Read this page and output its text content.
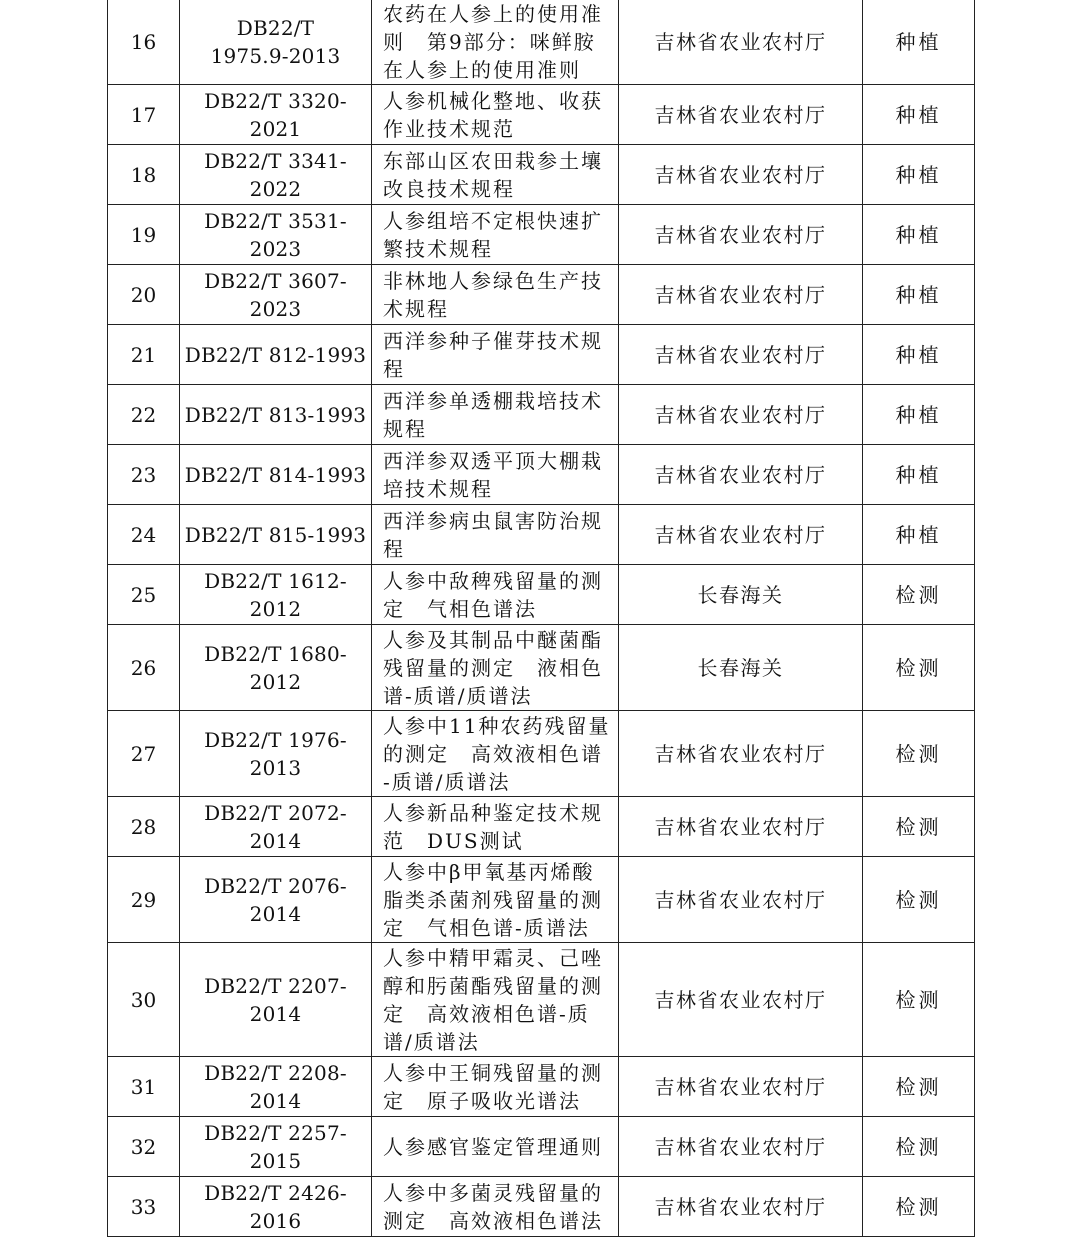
16	DB22/T
1975.9-2013	农药在人参上的使用准
则　第9部分：咪鲜胺
在人参上的使用准则	吉林省农业农村厅	种植
17	DB22/T 3320-2021	人参机械化整地、收获
作业技术规范	吉林省农业农村厅	种植
18	DB22/T 3341-2022	东部山区农田栽参土壤
改良技术规程	吉林省农业农村厅	种植
19	DB22/T 3531-2023	人参组培不定根快速扩
繁技术规程	吉林省农业农村厅	种植
20	DB22/T 3607-2023	非林地人参绿色生产技
术规程	吉林省农业农村厅	种植
21	DB22/T 812-1993	西洋参种子催芽技术规
程	吉林省农业农村厅	种植
22	DB22/T 813-1993	西洋参单透棚栽培技术
规程	吉林省农业农村厅	种植
23	DB22/T 814-1993	西洋参双透平顶大棚栽
培技术规程	吉林省农业农村厅	种植
24	DB22/T 815-1993	西洋参病虫鼠害防治规
程	吉林省农业农村厅	种植
25	DB22/T 1612-2012	人参中敌稗残留量的测
定　气相色谱法	长春海关	检测
26	DB22/T 1680-2012	人参及其制品中醚菌酯
残留量的测定　液相色
谱-质谱/质谱法	长春海关	检测
27	DB22/T 1976-2013	人参中11种农药残留量
的测定　高效液相色谱
-质谱/质谱法	吉林省农业农村厅	检测
28	DB22/T 2072-2014	人参新品种鉴定技术规
范　DUS测试	吉林省农业农村厅	检测
29	DB22/T 2076-2014	人参中β甲氧基丙烯酸
脂类杀菌剂残留量的测
定　气相色谱-质谱法	吉林省农业农村厅	检测
30	DB22/T 2207-2014	人参中精甲霜灵、己唑
醇和肟菌酯残留量的测
定　高效液相色谱-质
谱/质谱法	吉林省农业农村厅	检测
31	DB22/T 2208-2014	人参中王铜残留量的测
定　原子吸收光谱法	吉林省农业农村厅	检测
32	DB22/T 2257-2015	人参感官鉴定管理通则	吉林省农业农村厅	检测
33	DB22/T 2426-2016	人参中多菌灵残留量的
测定　高效液相色谱法	吉林省农业农村厅	检测
